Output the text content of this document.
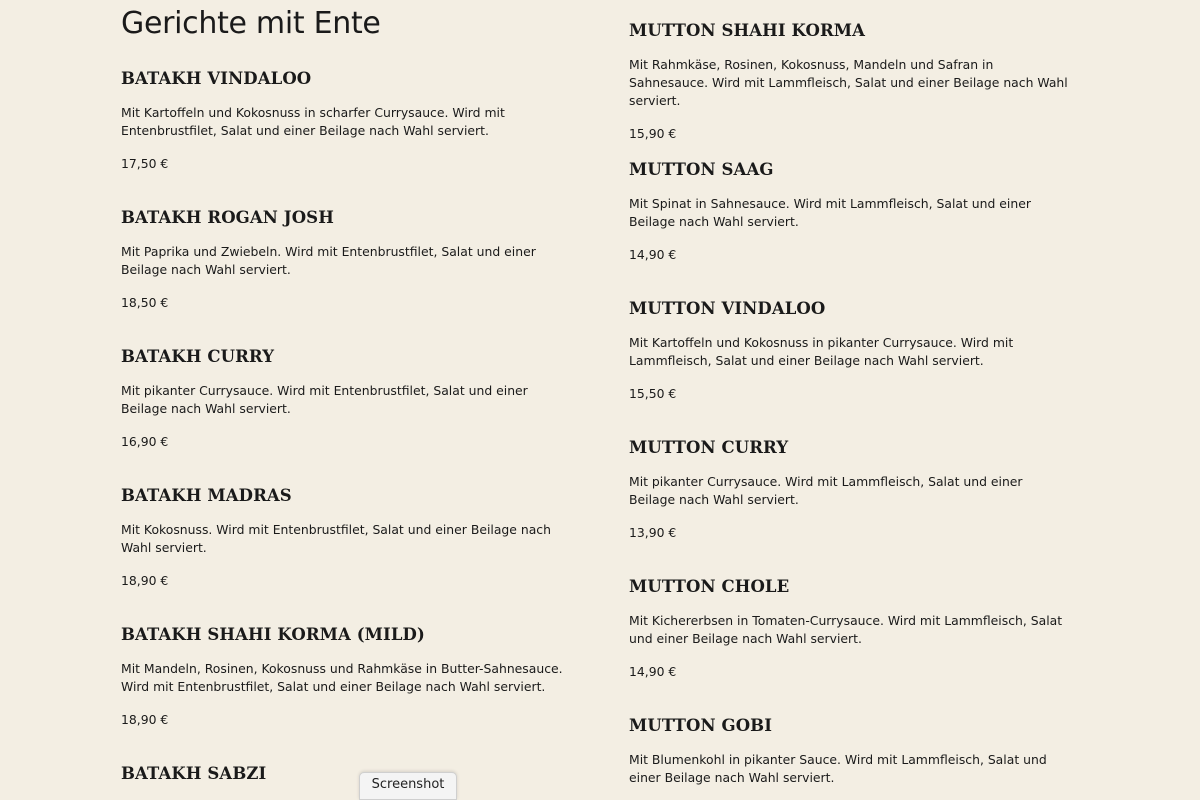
Gerichte mit Ente
BATAKH VINDALOO

Mit Kartoffeln und Kokosnuss in scharfer Currysauce. Wird mit Entenbrustfilet, Salat und einer Beilage nach Wahl serviert.

17,50 €

BATAKH ROGAN JOSH

Mit Paprika und Zwiebeln. Wird mit Entenbrustfilet, Salat und einer Beilage nach Wahl serviert.

18,50 €

BATAKH CURRY

Mit pikanter Currysauce. Wird mit Entenbrustfilet, Salat und einer Beilage nach Wahl serviert.

16,90 €

BATAKH MADRAS

Mit Kokosnuss. Wird mit Entenbrustfilet, Salat und einer Beilage nach Wahl serviert.

18,90 €

BATAKH SHAHI KORMA (MILD)

Mit Mandeln, Rosinen, Kokosnuss und Rahmkäse in Butter-Sahnesauce. Wird mit Entenbrustfilet, Salat und einer Beilage nach Wahl serviert.

18,90 €

BATAKH SABZI
MUTTON SHAHI KORMA

Mit Rahmkäse, Rosinen, Kokosnuss, Mandeln und Safran in Sahnesauce. Wird mit Lammfleisch, Salat und einer Beilage nach Wahl serviert.

15,90 €

MUTTON SAAG

Mit Spinat in Sahnesauce. Wird mit Lammfleisch, Salat und einer Beilage nach Wahl serviert.

14,90 €

MUTTON VINDALOO

Mit Kartoffeln und Kokosnuss in pikanter Currysauce. Wird mit Lammfleisch, Salat und einer Beilage nach Wahl serviert.

15,50 €

MUTTON CURRY

Mit pikanter Currysauce. Wird mit Lammfleisch, Salat und einer Beilage nach Wahl serviert.

13,90 €

MUTTON CHOLE

Mit Kichererbsen in Tomaten-Currysauce. Wird mit Lammfleisch, Salat und einer Beilage nach Wahl serviert.

14,90 €

MUTTON GOBI

Mit Blumenkohl in pikanter Sauce. Wird mit Lammfleisch, Salat und einer Beilage nach Wahl serviert.

Screenshot
